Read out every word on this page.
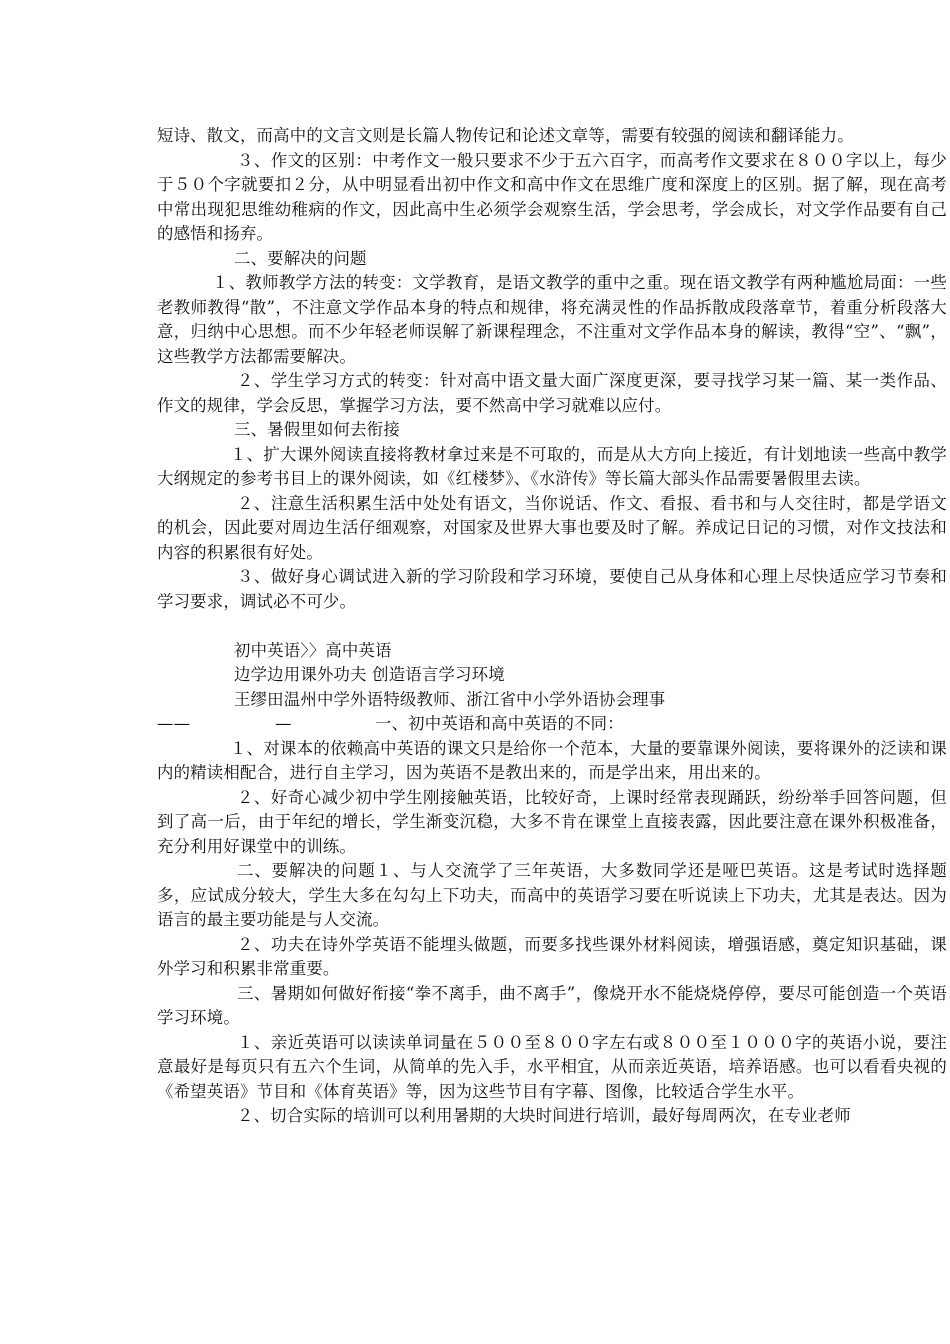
短诗、散文，而高中的文言文则是长篇人物传记和论述文章等，需要有较强的阅读和翻译能力。

３、作文的区别：中考作文一般只要求不少于五六百字，而高考作文要求在８００字以上，每少于５０个字就要扣２分，从中明显看出初中作文和高中作文在思维广度和深度上的区别。据了解，现在高考中常出现犯思维幼稚病的作文，因此高中生必须学会观察生活，学会思考，学会成长，对文学作品要有自己的感悟和扬弃。

二、要解决的问题

１、教师教学方法的转变：文学教育，是语文教学的重中之重。现在语文教学有两种尴尬局面：一些老教师教得“散”，不注意文学作品本身的特点和规律，将充满灵性的作品拆散成段落章节，着重分析段落大意，归纳中心思想。而不少年轻老师误解了新课程理念，不注重对文学作品本身的解读，教得“空”、“飘”，这些教学方法都需要解决。

２、学生学习方式的转变：针对高中语文量大面广深度更深，要寻找学习某一篇、某一类作品、作文的规律，学会反思，掌握学习方法，要不然高中学习就难以应付。

三、暑假里如何去衔接

１、扩大课外阅读直接将教材拿过来是不可取的，而是从大方向上接近，有计划地读一些高中教学大纲规定的参考书目上的课外阅读，如《红楼梦》、《水浒传》等长篇大部头作品需要暑假里去读。

２、注意生活积累生活中处处有语文，当你说话、作文、看报、看书和与人交往时，都是学语文的机会，因此要对周边生活仔细观察，对国家及世界大事也要及时了解。养成记日记的习惯，对作文技法和内容的积累很有好处。

３、做好身心调试进入新的学习阶段和学习环境，要使自己从身体和心理上尽快适应学习节奏和学习要求，调试必不可少。

初中英语〉〉高中英语

边学边用课外功夫 创造语言学习环境

王缪田温州中学外语特级教师、浙江省中小学外语协会理事

——	—	一、初中英语和高中英语的不同：

１、对课本的依赖高中英语的课文只是给你一个范本，大量的要靠课外阅读，要将课外的泛读和课内的精读相配合，进行自主学习，因为英语不是教出来的，而是学出来，用出来的。

２、好奇心减少初中学生刚接触英语，比较好奇，上课时经常表现踊跃，纷纷举手回答问题，但到了高一后，由于年纪的增长，学生渐变沉稳，大多不肯在课堂上直接表露，因此要注意在课外积极准备，充分利用好课堂中的训练。

二、要解决的问题１、与人交流学了三年英语，大多数同学还是哑巴英语。这是考试时选择题多，应试成分较大，学生大多在勾勾上下功夫，而高中的英语学习要在听说读上下功夫，尤其是表达。因为语言的最主要功能是与人交流。

２、功夫在诗外学英语不能埋头做题，而要多找些课外材料阅读，增强语感，奠定知识基础，课外学习和积累非常重要。

三、暑期如何做好衔接“拳不离手，曲不离手”，像烧开水不能烧烧停停，要尽可能创造一个英语学习环境。

１、亲近英语可以读读单词量在５００至８００字左右或８００至１０００字的英语小说，要注意最好是每页只有五六个生词，从简单的先入手，水平相宜，从而亲近英语，培养语感。也可以看看央视的《希望英语》节目和《体育英语》等，因为这些节目有字幕、图像，比较适合学生水平。

２、切合实际的培训可以利用暑期的大块时间进行培训，最好每周两次，在专业老师
